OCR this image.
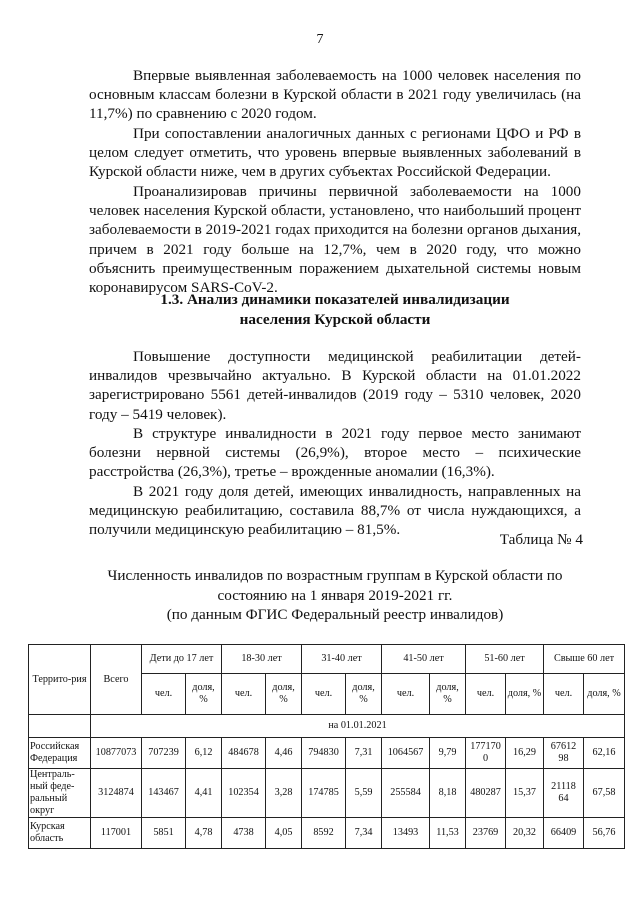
7

Впервые выявленная заболеваемость на 1000 человек населения по основным классам болезни в Курской области в 2021 году увеличилась (на 11,7%) по сравнению с 2020 годом.

При сопоставлении аналогичных данных с регионами ЦФО и РФ в целом следует отметить, что уровень впервые выявленных заболеваний в Курской области ниже, чем в других субъектах Российской Федерации.

Проанализировав причины первичной заболеваемости на 1000 человек населения Курской области, установлено, что наибольший процент заболеваемости в 2019-2021 годах приходится на болезни органов дыхания, причем в 2021 году больше на 12,7%, чем в 2020 году, что можно объяснить преимущественным поражением дыхательной системы новым коронавирусом SARS-CoV-2.

1.3. Анализ динамики показателей инвалидизации
населения Курской области

Повышение доступности медицинской реабилитации детей-инвалидов чрезвычайно актуально. В Курской области на 01.01.2022 зарегистрировано 5561 детей-инвалидов (2019 году – 5310 человек, 2020 году – 5419 человек).

В структуре инвалидности в 2021 году первое место занимают болезни нервной системы (26,9%), второе место – психические расстройства (26,3%), третье – врожденные аномалии (16,3%).

В 2021 году доля детей, имеющих инвалидность, направленных на медицинскую реабилитацию, составила 88,7% от числа нуждающихся, а получили медицинскую реабилитацию – 81,5%.

Таблица № 4
Численность инвалидов по возрастным группам в Курской области по
состоянию на 1 января 2019-2021 гг.
(по данным ФГИС Федеральный реестр инвалидов)
Террито-рия	Всего	Дети до 17 лет		18-30 лет		31-40 лет		41-50 лет		51-60 лет		Свыше 60 лет	
		чел.	доля, %	чел.	доля, %	чел.	доля, %	чел.	доля, %	чел.	доля, %	чел.	доля, %
	на 01.01.2021												
Российская Федерация	10877073	707239	6,12	484678	4,46	794830	7,31	1064567	9,79	177170 0	16,29	67612 98	62,16
Централь-ный феде-ральный округ	3124874	143467	4,41	102354	3,28	174785	5,59	255584	8,18	480287	15,37	21118 64	67,58
Курская область	117001	5851	4,78	4738	4,05	8592	7,34	13493	11,53	23769	20,32	66409	56,76
